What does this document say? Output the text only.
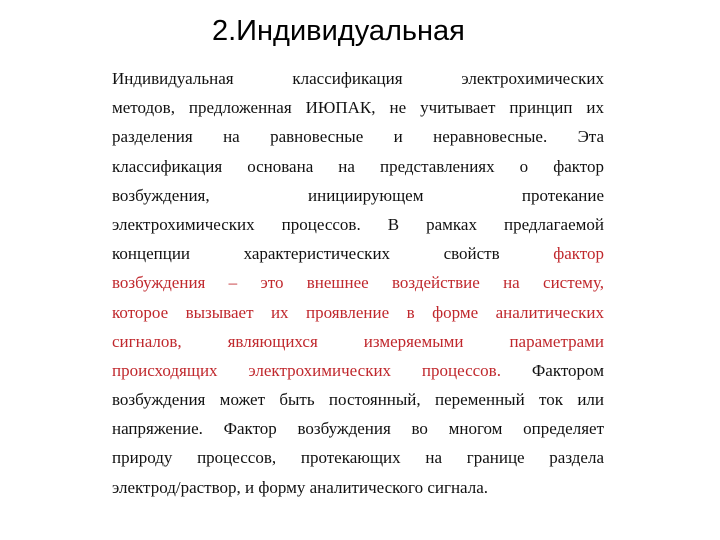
2.Индивидуальная
Индивидуальная классификация электрохимических
методов, предложенная ИЮПАК, не учитывает принцип их
разделения на равновесные и неравновесные. Эта
классификация основана на представлениях о фактор
возбуждения, инициирующем протекание
электрохимических процессов. В рамках предлагаемой
концепции характеристических свойств	фактор
возбуждения – это внешнее воздействие на систему,
которое вызывает их проявление в форме аналитических
сигналов, являющихся измеряемыми параметрами
происходящих электрохимических процессов. Фактором
возбуждения может быть постоянный, переменный ток или
напряжение. Фактор возбуждения во многом определяет
природу процессов, протекающих на границе раздела
электрод/раствор, и форму аналитического сигнала.
